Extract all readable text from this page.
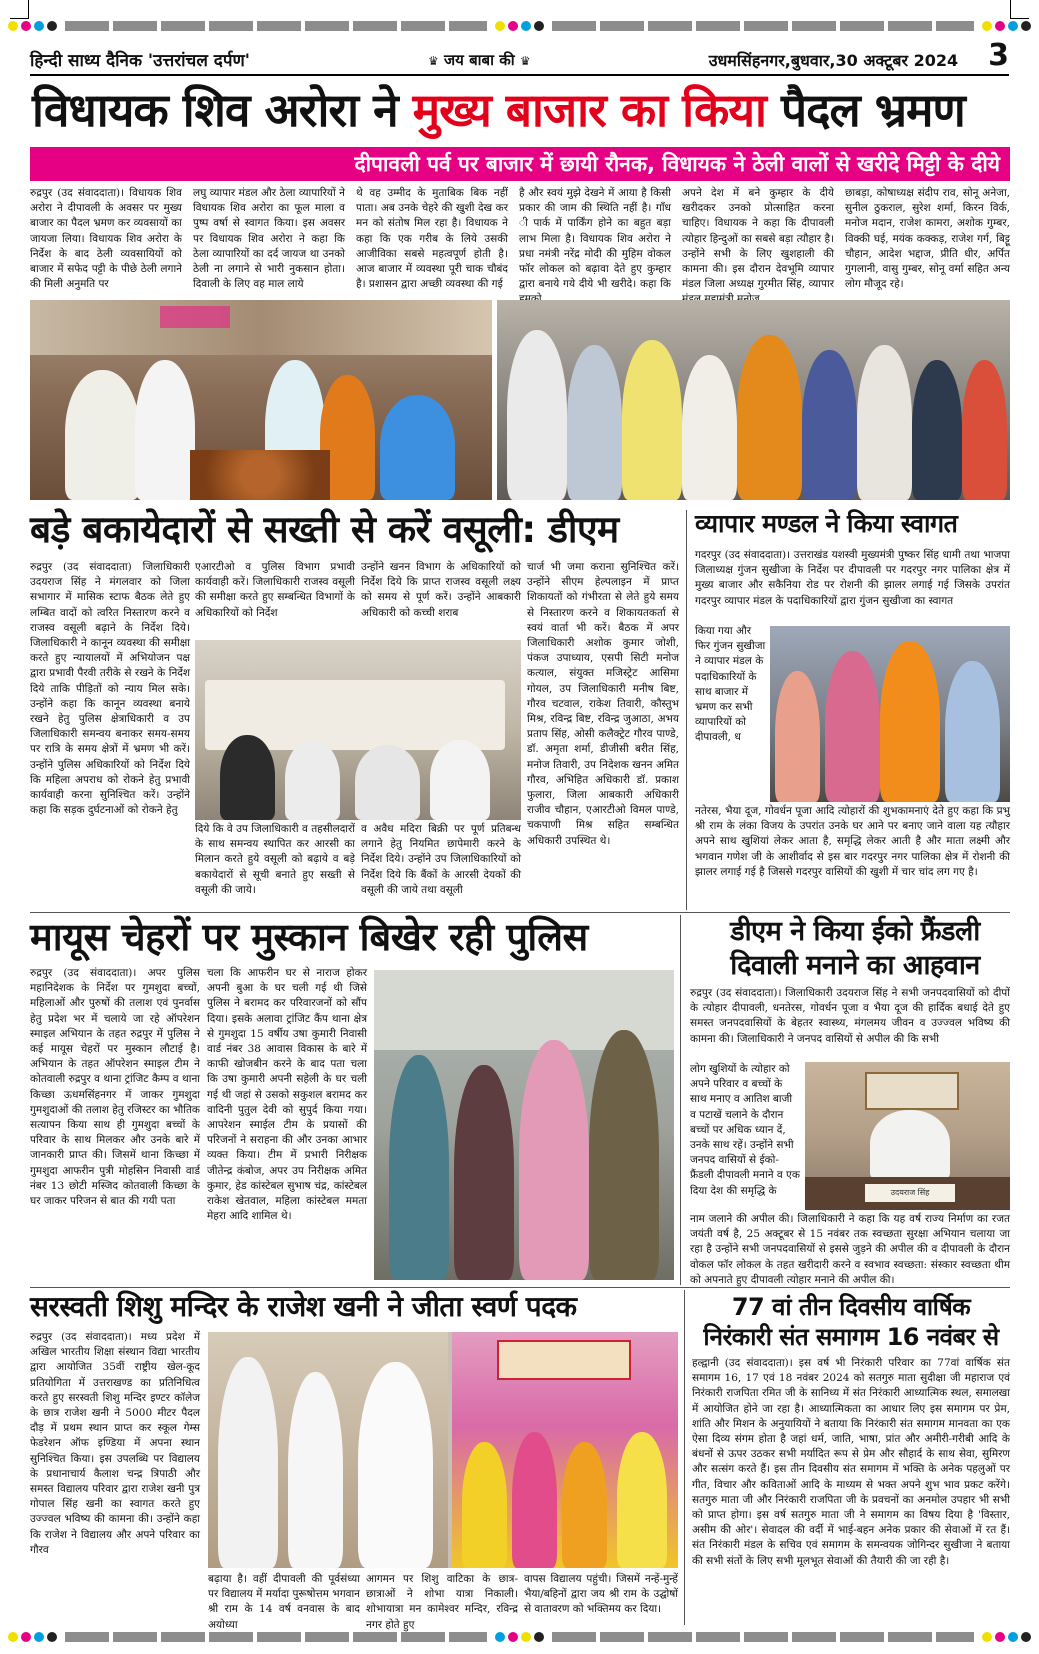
हिन्दी साध्य दैनिक 'उत्तरांचल दर्पण'	♛ जय बाबा की ♛	उधमसिंहनगर,बुधवार,30 अक्टूबर 2024 3
विधायक शिव अरोरा ने मुख्य बाजार का किया पैदल भ्रमण
दीपावली पर्व पर बाजार में छायी रौनक, विधायक ने ठेली वालों से खरीदे मिट्टी के दीये
रुद्रपुर (उद संवाददाता)। विधायक शिव अरोरा ने दीपावली के अवसर पर मुख्य बाजार का पैदल भ्रमण कर व्यवसायों का जायजा लिया। विधायक शिव अरोरा के निर्देश के बाद ठेली व्यवसायियों को बाजार में सफेद पट्टी के पीछे ठेली लगाने की मिली अनुमति पर
लघु व्यापार मंडल और ठेला व्यापारियों ने विधायक शिव अरोरा का फूल माला व पुष्प वर्षा से स्वागत किया। इस अवसर पर विधायक शिव अरोरा ने कहा कि ठेला व्यापारियों का दर्द जायज था उनको ठेली ना लगाने से भारी नुकसान होता। दिवाली के लिए वह माल लाये
थे वह उम्मीद के मुताबिक बिक नहीं पाता। अब उनके चेहरे की खुशी देख कर मन को संतोष मिल रहा है। विधायक ने कहा कि एक गरीब के लिये उसकी आजीविका सबसे महत्वपूर्ण होती है। आज बाजार में व्यवस्था पूरी चाक चौबंद है। प्रशासन द्वारा अच्छी व्यवस्था की गई
है और स्वयं मुझे देखने में आया है किसी प्रकार की जाम की स्थिति नहीं है। गाँध ी पार्क में पार्किंग होने का बहुत बड़ा लाभ मिला है। विधायक शिव अरोरा ने प्रधा नमंत्री नरेंद्र मोदी की मुहिम वोकल फॉर लोकल को बढ़ावा देते हुए कुम्हार द्वारा बनाये गये दीये भी खरीदे। कहा कि
अपने देश में बने कुम्हार के दीये खरीदकर उनको प्रोत्साहित करना चाहिए। विधायक ने कहा कि दीपावली त्योहार हिन्दुओं का सबसे बड़ा त्यौहार है। उन्होंने सभी के लिए खुशहाली की कामना की। इस दौरान देवभूमि व्यापार मंडल जिला अध्यक्ष गुरमीत सिंह, व्यापार
छाबड़ा, कोषाध्यक्ष संदीप राव, सोनू अनेजा, सुनील ठुकराल, सुरेश शर्मा, किरन विर्क, मनोज मदान, राजेश कामरा, अशोक गुम्बर, विक्की घई, मयंक कक्कड़, राजेश गर्ग, बिट्टू चौहान, आदेश भद्दाज, प्रीति धीर, अर्पित गुगलानी, वासु गुम्बर, सोनू वर्मा सहित अन्य लोग मौजूद रहे।
बड़े बकायेदारों से सख्ती से करें वसूली: डीएम
रुद्रपुर (उद संवाददाता) जिलाधिकारी उदयराज सिंह ने मंगलवार को जिला सभागार में मासिक स्टाफ बैठक लेते हुए लम्बित वादों को त्वरित निस्तारण करने व राजस्व वसूली बढ़ाने के निर्देश दिये। जिलाधिकारी ने कानून व्यवस्था की समीक्षा करते हुए न्यायालयों में अभियोजन पक्ष द्वारा प्रभावी पैरवी तरीके से रखने के निर्देश दिये ताकि पीड़ितों को न्याय मिल सके। उन्होंने कहा कि कानून व्यवस्था बनाये रखने हेतु पुलिस क्षेत्राधिकारी व उप जिलाधिकारी समन्वय बनाकर समय-समय पर रात्रि के समय क्षेत्रों में भ्रमण भी करें। उन्होंने पुलिस अधिकारियों को निर्देश दिये कि महिला अपराध को रोकने हेतु प्रभावी कार्यवाही करना सुनिश्चित करें। उन्होंने कहा कि सड़क दुर्घटनाओं को रोकने हेतु
एआरटीओ व पुलिस विभाग प्रभावी कार्यवाही करें। जिलाधिकारी राजस्व वसूली की समीक्षा करते हुए सम्बन्धित विभागों के अधिकारियों को निर्देश
उन्होंने खनन विभाग के अधिकारियों को निर्देश दिये कि प्राप्त राजस्व वसूली लक्ष्य को समय से पूर्ण करें। उन्होंने आबकारी अधिकारी को कच्ची शराब
चार्ज भी जमा कराना सुनिश्चित करें। उन्होंने सीएम हेल्पलाइन में प्राप्त शिकायतों को गंभीरता से लेते हुये समय से निस्तारण करने व शिकायतकर्ता से स्वयं वार्ता भी करें। बैठक में अपर जिलाधिकारी अशोक कुमार जोशी, पंकज उपाध्याय, एसपी सिटी मनोज कत्याल, संयुक्त मजिस्ट्रेट आसिमा गोयल, उप जिलाधिकारी मनीष बिष्ट, गौरव चटवाल, राकेश तिवारी, कौस्तुभ मिश्र, रविन्द्र बिष्ट, रविन्द्र जुआठा, अभय प्रताप सिंह, ओसी कलैक्ट्रेट गौरव पाण्डे, डॉ. अमृता शर्मा, डीजीसी बरीत सिंह, मनोज तिवारी, उप निदेशक खनन अमित गौरव, अभिहित अधिकारी डॉ. प्रकाश फुलारा, जिला आबकारी अधिकारी राजीव चौहान, एआरटीओ विमल पाण्डे, चकपाणी मिश्र सहित सम्बन्धित अधिकारी उपस्थित थे।
दिये कि वे उप जिलाधिकारी व तहसीलदारों के साथ समन्वय स्थापित कर आरसी का मिलान करते हुये वसूली को बढ़ाये व बड़े बकायेदारों से सूची बनाते हुए सख्ती से वसूली की जाये।
व अवैध मदिरा बिक्री पर पूर्ण प्रतिबन्ध लगाने हेतु नियमित छापेमारी करने के निर्देश दिये। उन्होंने उप जिलाधिकारियों को निर्देश दिये कि बैंकों के आरसी देयकों की वसूली की जाये तथा वसूली
व्यापार मण्डल ने किया स्वागत
गदरपुर (उद संवाददाता)। उत्तराखंड यशस्वी मुख्यमंत्री पुष्कर सिंह धामी तथा भाजपा जिलाध्यक्ष गुंजन सुखीजा के निर्देश पर दीपावली पर गदरपुर नगर पालिका क्षेत्र में मुख्य बाजार और सकैनिया रोड पर रोशनी की झालर लगाई गई जिसके उपरांत गदरपुर व्यापार मंडल के पदाधिकारियों द्वारा गुंजन सुखीजा का स्वागत
किया गया और फिर गुंजन सुखीजा ने व्यापार मंडल के पदाधिकारियों के साथ बाजार में भ्रमण कर सभी व्यापारियों को दीपावली, ध
नतेरस, भैया दूज, गोवर्धन पूजा आदि त्योहारों की शुभकामनाएं देते हुए कहा कि प्रभु श्री राम के लंका विजय के उपरांत उनके घर आने पर बनाए जाने वाला यह त्यौहार अपने साथ खुशियां लेकर आता है, समृद्धि लेकर आती है और माता लक्ष्मी और भगवान गणेश जी के आशीर्वाद से इस बार गदरपुर नगर पालिका क्षेत्र में रोशनी की झालर लगाई गई है जिससे गदरपुर वासियों की खुशी में चार चांद लग गए है।
मायूस चेहरों पर मुस्कान बिखेर रही पुलिस
रुद्रपुर (उद संवाददाता)। अपर पुलिस महानिदेशक के निर्देश पर गुमशुदा बच्चों, महिलाओं और पुरुषों की तलाश एवं पुनर्वास हेतु प्रदेश भर में चलाये जा रहे ऑपरेशन स्माइल अभियान के तहत रुद्रपुर में पुलिस ने कई मायूस चेहरों पर मुस्कान लौटाई है। अभियान के तहत ऑपरेशन स्माइल टीम ने कोतवाली रुद्रपुर व थाना ट्रांजिट कैम्प व थाना किच्छा ऊधमसिंहनगर में जाकर गुमशुदा गुमशुदाओं की तलाश हेतु रजिस्टर का भौतिक सत्यापन किया साथ ही गुमशुदा बच्चों के परिवार के साथ मिलकर और उनके बारे में जानकारी प्राप्त की। जिसमें थाना किच्छा में गुमशुदा आफरीन पुत्री मोहसिन निवासी वार्ड नंबर 13 छोटी मस्जिद कोतवाली किच्छा के घर जाकर परिजन से बात की गयी पता
चला कि आफरीन घर से नाराज होकर अपनी बुआ के घर चली गई थी जिसे पुलिस ने बरामद कर परिवारजनों को सौंप दिया। इसके अलावा ट्रांजिट कैंप थाना क्षेत्र से गुमशुदा 15 वर्षीय उषा कुमारी निवासी वार्ड नंबर 38 आवास विकास के बारे में काफी खोजबीन करने के बाद पता चला कि उषा कुमारी अपनी सहेली के घर चली गई थी जहां से उसको सकुशल बरामद कर वादिनी पुतुल देवी को सुपुर्द किया गया। आपरेशन स्माईल टीम के प्रयासों की परिजनों ने सराहना की और उनका आभार व्यक्त किया। टीम में प्रभारी निरीक्षक जीतेन्द्र कंबोज, अपर उप निरीक्षक अमित कुमार, हेड कांस्टेबल सुभाष चंद्र, कांस्टेबल राकेश खेतवाल, महिला कांस्टेबल ममता मेहरा आदि शामिल थे।
डीएम ने किया ईको फ्रैंडली
दिवाली मनाने का आहवान
रुद्रपुर (उद संवाददाता)। जिलाधिकारी उदयराज सिंह ने सभी जनपदवासियों को दीपों के त्योहार दीपावली, धनतेरस, गोवर्धन पूजा व भैया दूज की हार्दिक बधाई देते हुए समस्त जनपदवासियों के बेहतर स्वास्थ्य, मंगलमय जीवन व उज्ज्वल भविष्य की कामना की। जिलाधिकारी ने जनपद वासियों से अपील की कि सभी
लोग खुशियों के त्योहार को अपने परिवार व बच्चों के साथ मनाए व आतिश बाजी व पटाखें चलाने के दौरान बच्चों पर अधिक ध्यान दें, उनके साथ रहें। उन्होंने सभी जनपद वासियों से ईको- फ्रैंडली दीपावली मनाने व एक दिया देश की समृद्धि के	उदयराज सिंह
नाम जलाने की अपील की। जिलाधिकारी ने कहा कि यह वर्ष राज्य निर्माण का रजत जयंती वर्ष है, 25 अक्टूबर से 15 नवंबर तक स्वच्छता सुरक्षा अभियान चलाया जा रहा है उन्होंने सभी जनपदवासियों से इससे जुड़ने की अपील की व दीपावली के दौरान वोकल फॉर लोकल के तहत खरीदारी करने व स्वभाव स्वच्छता: संस्कार स्वच्छता थीम को अपनाते हुए दीपावली त्योहार मनाने की अपील की।
सरस्वती शिशु मन्दिर के राजेश खनी ने जीता स्वर्ण पदक
रुद्रपुर (उद संवाददाता)। मध्य प्रदेश में अखिल भारतीय शिक्षा संस्थान विद्या भारतीय द्वारा आयोजित 35वीं राष्ट्रीय खेल-कूद प्रतियोगिता में उत्तराखण्ड का प्रतिनिधित्व करते हुए सरस्वती शिशु मन्दिर इण्टर कॉलेज के छात्र राजेश खनी ने 5000 मीटर पैदल दौड़ में प्रथम स्थान प्राप्त कर स्कूल गेम्स फेडरेशन ऑफ इण्डिया में अपना स्थान सुनिश्चित किया। इस उपलब्धि पर विद्यालय के प्रधानाचार्य कैलाश चन्द्र त्रिपाठी और समस्त विद्यालय परिवार द्वारा राजेश खनी पुत्र गोपाल सिंह खनी का स्वागत करते हुए उज्ज्वल भविष्य की कामना की। उन्होंने कहा कि राजेश ने विद्यालय और अपने परिवार का गौरव
बढ़ाया है। वहीं दीपावली की पूर्वसंध्या पर विद्यालय में मर्यादा पुरूषोत्तम भगवान श्री राम के 14 वर्ष वनवास के बाद अयोध्या
आगमन पर शिशु वाटिका के छात्र-छात्राओं ने शोभा यात्रा निकाली। शोभायात्रा मन कामेश्वर मन्दिर, रविन्द्र नगर होते हुए
वापस विद्यालय पहुंची। जिसमें नन्हें-मुन्हें भैया/बहिनों द्वारा जय श्री राम के उद्घोषों से वातावरण को भक्तिमय कर दिया।
77 वां तीन दिवसीय वार्षिक
निरंकारी संत समागम 16 नवंबर से
हल्द्वानी (उद संवाददाता)। इस वर्ष भी निरंकारी परिवार का 77वां वार्षिक संत समागम 16, 17 एवं 18 नवंबर 2024 को सतगुरु माता सुदीक्षा जी महाराज एवं निरंकारी राजपिता रमित जी के सानिध्य में संत निरंकारी आध्यात्मिक स्थल, समालखा में आयोजित होने जा रहा है। आध्यात्मिकता का आधार लिए इस समागम पर प्रेम, शांति और मिशन के अनुयायियों ने बताया कि निरंकारी संत समागम मानवता का एक ऐसा दिव्य संगम होता है जहां धर्म, जाति, भाषा, प्रांत और अमीरी-गरीबी आदि के बंधनों से ऊपर उठकर सभी मर्यादित रूप से प्रेम और सौहार्द के साथ सेवा, सुमिरण और सत्संग करते हैं। इस तीन दिवसीय संत समागम में भक्ति के अनेक पहलुओं पर गीत, विचार और कविताओं आदि के माध्यम से भक्त अपने शुभ भाव प्रकट करेंगे। सतगुरु माता जी और निरंकारी राजपिता जी के प्रवचनों का अनमोल उपहार भी सभी को प्राप्त होगा। इस वर्ष सतगुरु माता जी ने समागम का विषय दिया है 'विस्तार, असीम की ओर'। सेवादल की वर्दी में भाई-बहन अनेक प्रकार की सेवाओं में रत हैं। संत निरंकारी मंडल के सचिव एवं समागम के समन्वयक जोगिन्दर सुखीजा ने बताया की सभी संतों के लिए सभी मूलभूत सेवाओं की तैयारी की जा रही है।
